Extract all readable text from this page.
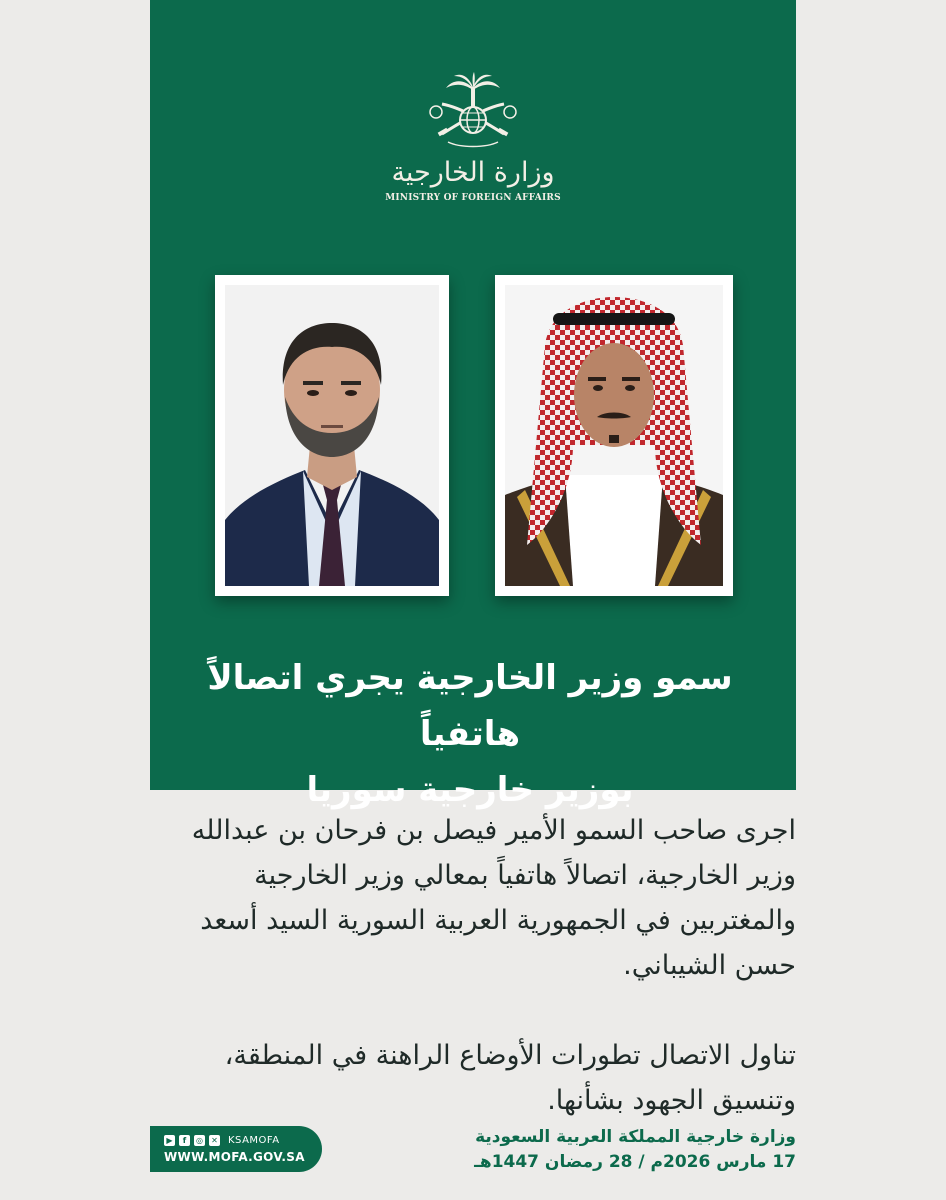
وزارة الخارجية
MINISTRY OF FOREIGN AFFAIRS
سمو وزير الخارجية يجري اتصالاً هاتفياً
بوزير خارجية سوريا

اجرى صاحب السمو الأمير فيصل بن فرحان بن عبدالله وزير الخارجية، اتصالاً هاتفياً بمعالي وزير الخارجية والمغتربين في الجمهورية العربية السورية السيد أسعد حسن الشيباني.

تناول الاتصال تطورات الأوضاع الراهنة في المنطقة، وتنسيق الجهود بشأنها.

وزارة خارجية المملكة العربية السعودية
17 مارس 2026م / 28 رمضان 1447هـ
▶	f	◎ ✕ KSAMOFA
WWW.MOFA.GOV.SA
